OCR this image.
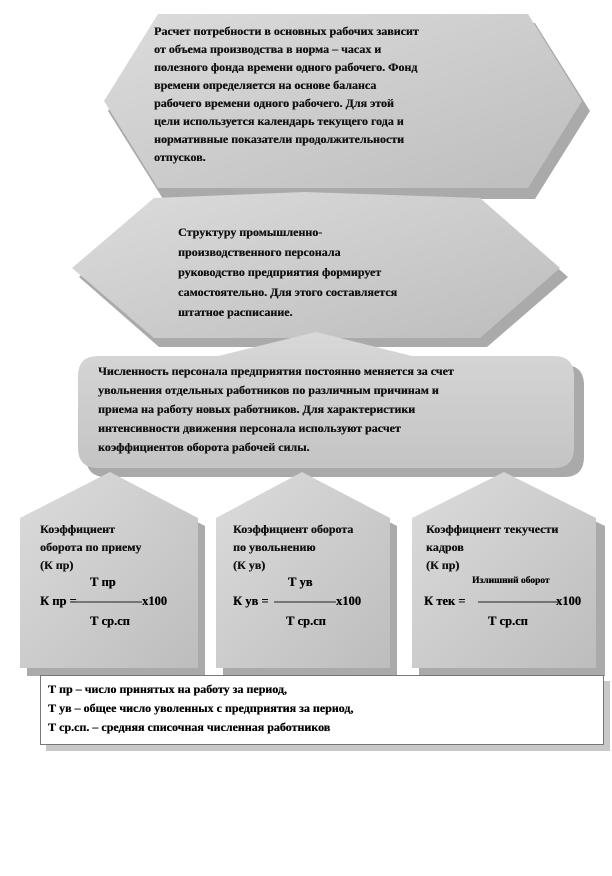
Расчет потребности в основных рабочих зависит
от объема производства в норма – часах и
полезного фонда времени одного рабочего. Фонд
времени определяется на основе баланса
рабочего времени одного рабочего. Для этой
цели используется календарь текущего года и
нормативные показатели продолжительности
отпусков.
Структуру промышленно-
производственного персонала
руководство предприятия формирует
самостоятельно. Для этого составляется
штатное расписание.
Численность персонала предприятия постоянно меняется за счет
увольнения отдельных работников по различным причинам и
приема на работу новых работников. Для характеристики
интенсивности движения персонала используют расчет
коэффициентов оборота рабочей силы.
Коэффициент
оборота по приему
(К пр)
Т пр
К пр =	х100
Т ср.сп
Коэффициент оборота
по увольнению
(К ув)
Т ув
К ув =	х100
Т ср.сп
Коэффициент текучести
кадров
(К пр)
Излишний оборот
К тек =	х100
Т ср.сп
Т пр – число принятых на работу за период,
Т ув – общее число уволенных с предприятия за период,
Т ср.сп. – средняя списочная численная работников
